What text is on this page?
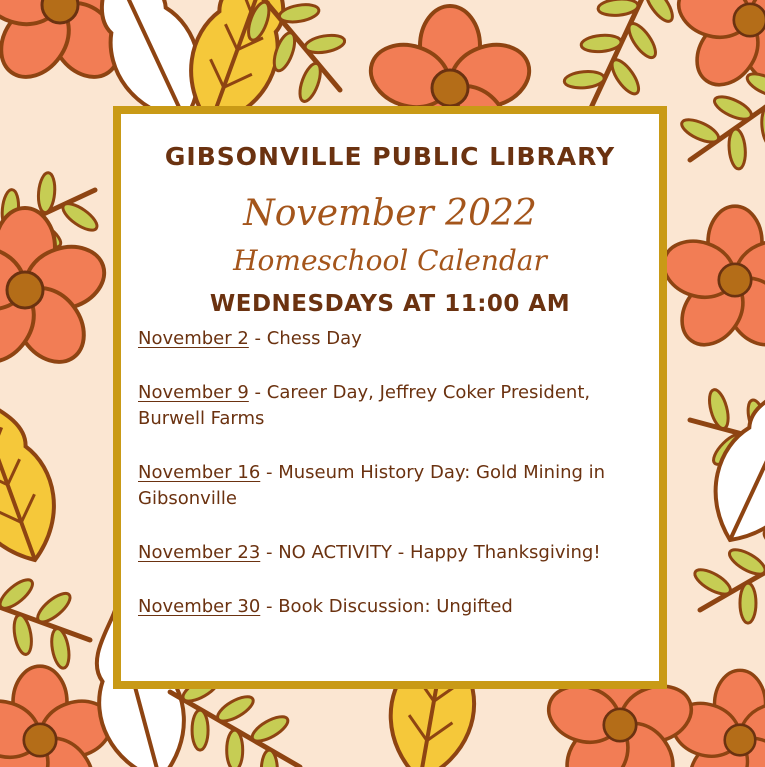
GIBSONVILLE PUBLIC LIBRARY
November 2022
Homeschool Calendar
WEDNESDAYS AT 11:00 AM
November 2 - Chess Day
November 9 - Career Day, Jeffrey Coker President, Burwell Farms
November 16 - Museum History Day: Gold Mining in Gibsonville
November 23 - NO ACTIVITY - Happy Thanksgiving!
November 30 - Book Discussion: Ungifted
